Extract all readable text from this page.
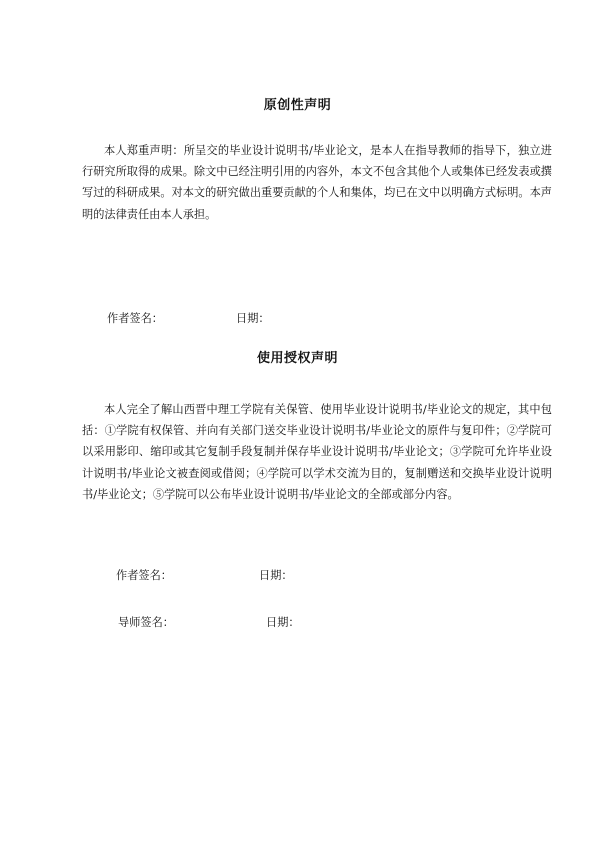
原创性声明
本人郑重声明：所呈交的毕业设计说明书/毕业论文，是本人在指导教师的指导下，独立进行研究所取得的成果。除文中已经注明引用的内容外，本文不包含其他个人或集体已经发表或撰写过的科研成果。对本文的研究做出重要贡献的个人和集体，均已在文中以明确方式标明。本声明的法律责任由本人承担。
作者签名：	日期：
使用授权声明
本人完全了解山西晋中理工学院有关保管、使用毕业设计说明书/毕业论文的规定，其中包括：①学院有权保管、并向有关部门送交毕业设计说明书/毕业论文的原件与复印件；②学院可以采用影印、缩印或其它复制手段复制并保存毕业设计说明书/毕业论文；③学院可允许毕业设计说明书/毕业论文被查阅或借阅；④学院可以学术交流为目的，复制赠送和交换毕业设计说明书/毕业论文；⑤学院可以公布毕业设计说明书/毕业论文的全部或部分内容。
作者签名：	日期：
导师签名：	日期：
